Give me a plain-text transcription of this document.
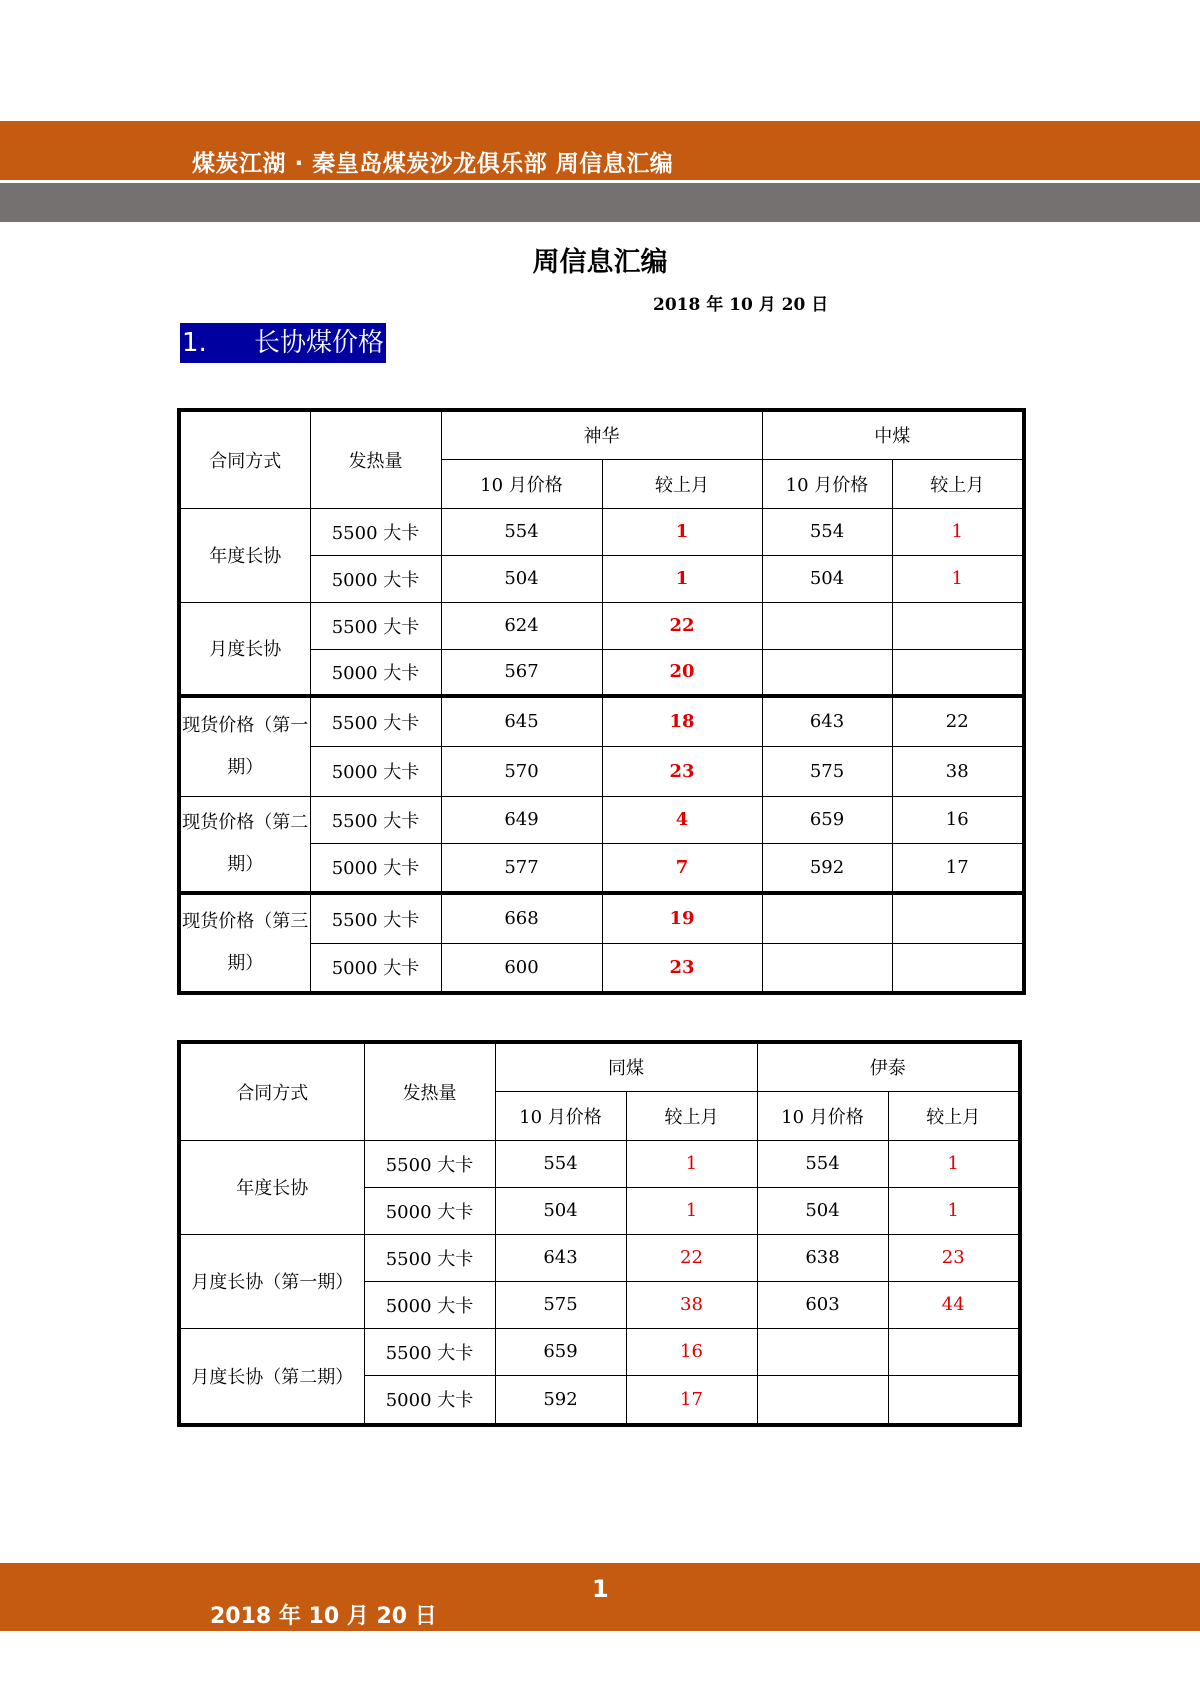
煤炭江湖 · 秦皇岛煤炭沙龙俱乐部 周信息汇编
周信息汇编
2018 年 10 月 20 日
1. 长协煤价格
合同方式	发热量	神华		中煤	
		10 月价格	较上月	10 月价格	较上月
年度长协	5500 大卡	554	1	554	1
	5000 大卡	504	1	504	1
月度长协	5500 大卡	624	22		
	5000 大卡	567	20		
现货价格（第一期）	5500 大卡	645	18	643	22
	5000 大卡	570	23	575	38
现货价格（第二期）	5500 大卡	649	4	659	16
	5000 大卡	577	7	592	17
现货价格（第三期）	5500 大卡	668	19		
	5000 大卡	600	23		
合同方式	发热量	同煤		伊泰	
		10 月价格	较上月	10 月价格	较上月
年度长协	5500 大卡	554	1	554	1
	5000 大卡	504	1	504	1
月度长协（第一期）	5500 大卡	643	22	638	23
	5000 大卡	575	38	603	44
月度长协（第二期）	5500 大卡	659	16		
	5000 大卡	592	17		
1
2018 年 10 月 20 日
